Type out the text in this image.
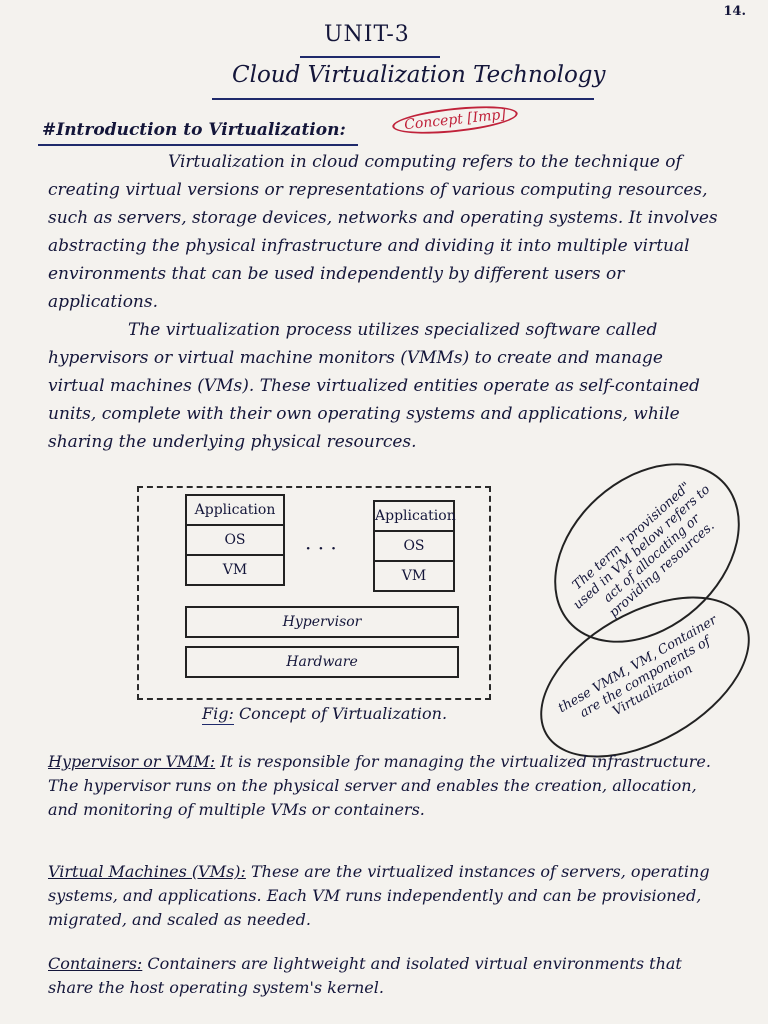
14.
UNIT-3
Cloud Virtualization Technology
#Introduction to Virtualization:	Concept [Imp]

Virtualization in cloud computing refers to the technique of creating virtual versions or representations of various computing resources, such as servers, storage devices, networks and operating systems. It involves abstracting the physical infrastructure and dividing it into multiple virtual environments that can be used independently by different users or applications.

The virtualization process utilizes specialized software called hypervisors or virtual machine monitors (VMMs) to create and manage virtual machines (VMs). These virtualized entities operate as self-contained units, complete with their own operating systems and applications, while sharing the underlying physical resources.

Application
OS
VM
· · ·
Application
OS
VM
Hypervisor
Hardware
Fig: Concept of Virtualization.
The term "provisioned" used in VM below refers to act of allocating or providing resources.
these VMM, VM, Container are the components of Virtualization

Hypervisor or VMM: It is responsible for managing the virtualized infrastructure. The hypervisor runs on the physical server and enables the creation, allocation, and monitoring of multiple VMs or containers.

Virtual Machines (VMs): These are the virtualized instances of servers, operating systems, and applications. Each VM runs independently and can be provisioned, migrated, and scaled as needed.

Containers: Containers are lightweight and isolated virtual environments that share the host operating system's kernel.
